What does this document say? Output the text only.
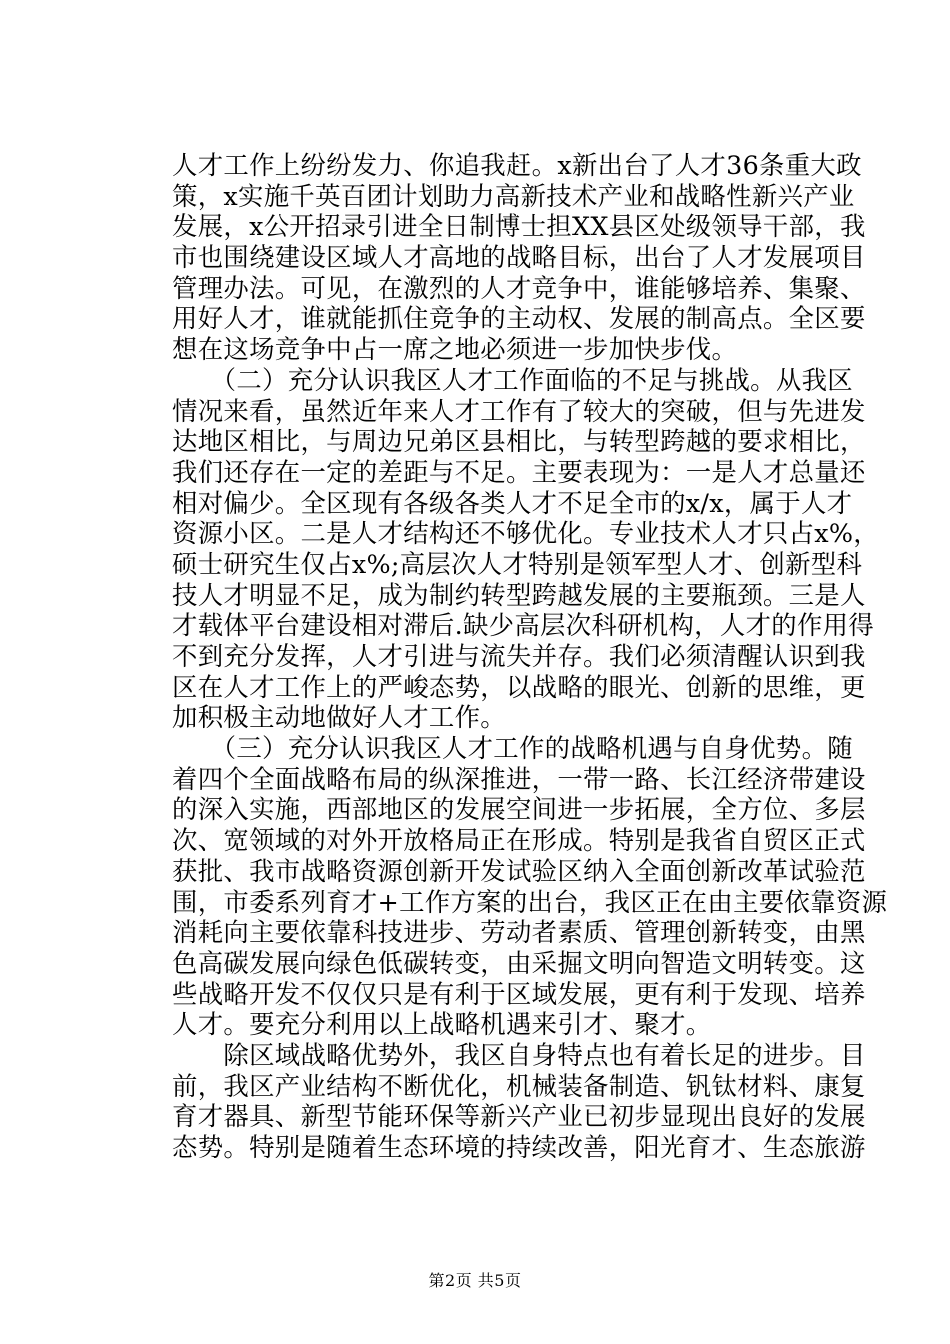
人才工作上纷纷发力、你追我赶。x新出台了人才36条重大政
策，x实施千英百团计划助力高新技术产业和战略性新兴产业
发展，x公开招录引进全日制博士担XX县区处级领导干部，我
市也围绕建设区域人才高地的战略目标，出台了人才发展项目
管理办法。可见，在激烈的人才竞争中，谁能够培养、集聚、
用好人才，谁就能抓住竞争的主动权、发展的制高点。全区要
想在这场竞争中占一席之地必须进一步加快步伐。
　　（二）充分认识我区人才工作面临的不足与挑战。从我区
情况来看，虽然近年来人才工作有了较大的突破，但与先进发
达地区相比，与周边兄弟区县相比，与转型跨越的要求相比，
我们还存在一定的差距与不足。主要表现为：一是人才总量还
相对偏少。全区现有各级各类人才不足全市的x/x，属于人才
资源小区。二是人才结构还不够优化。专业技术人才只占x%，
硕士研究生仅占x%;高层次人才特别是领军型人才、创新型科
技人才明显不足，成为制约转型跨越发展的主要瓶颈。三是人
才载体平台建设相对滞后.缺少高层次科研机构，人才的作用得
不到充分发挥，人才引进与流失并存。我们必须清醒认识到我
区在人才工作上的严峻态势，以战略的眼光、创新的思维，更
加积极主动地做好人才工作。
　　（三）充分认识我区人才工作的战略机遇与自身优势。随
着四个全面战略布局的纵深推进，一带一路、长江经济带建设
的深入实施，西部地区的发展空间进一步拓展，全方位、多层
次、宽领域的对外开放格局正在形成。特别是我省自贸区正式
获批、我市战略资源创新开发试验区纳入全面创新改革试验范
围，市委系列育才+工作方案的出台，我区正在由主要依靠资源
消耗向主要依靠科技进步、劳动者素质、管理创新转变，由黑
色高碳发展向绿色低碳转变，由采掘文明向智造文明转变。这
些战略开发不仅仅只是有利于区域发展，更有利于发现、培养
人才。要充分利用以上战略机遇来引才、聚才。
　　除区域战略优势外，我区自身特点也有着长足的进步。目
前，我区产业结构不断优化，机械装备制造、钒钛材料、康复
育才器具、新型节能环保等新兴产业已初步显现出良好的发展
态势。特别是随着生态环境的持续改善，阳光育才、生态旅游
第2页 共5页
